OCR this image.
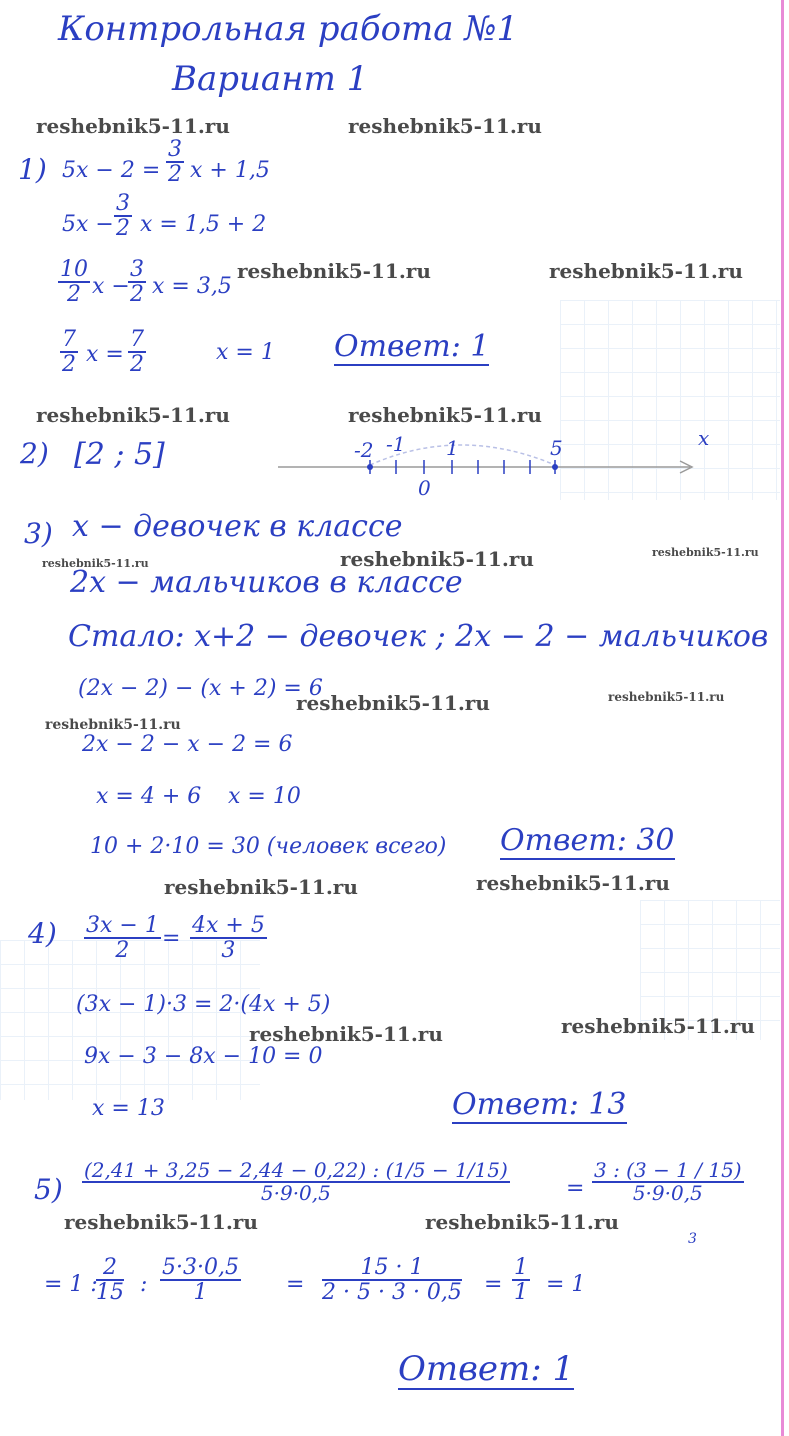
Контрольная работа №1
Вариант 1
reshebnik5-11.ru	reshebnik5-11.ru
reshebnik5-11.ru	reshebnik5-11.ru
reshebnik5-11.ru	reshebnik5-11.ru
reshebnik5-11.ru	reshebnik5-11.ru	reshebnik5-11.ru
reshebnik5-11.ru	reshebnik5-11.ru
reshebnik5-11.ru
reshebnik5-11.ru	reshebnik5-11.ru
reshebnik5-11.ru	reshebnik5-11.ru
reshebnik5-11.ru	reshebnik5-11.ru
1) $5x - 2 = \frac{3}{2}$ x + 1,5
$5x - \frac{3}{2}$ x = 1,5 + 2
$\frac{10}{2}$ x −
$\frac{3}{2}$ x = 3,5
$\frac{7}{2}$ $x = \frac{7}{2}$	x = 1 Ответ: 1
2) [2 ; 5]	-2 -1 1	5	x
0
3) x − девочек в классе
2x − мальчиков в классе
Стало: x+2 − девочек ; 2x − 2 − мальчиков
(2x − 2) − (x + 2) = 6
2x − 2 − x − 2 = 6
x = 4 + 6 x = 10
10 + 2·10 = 30 (человек всего) Ответ: 30
$4) \frac{3x - 1}{2} = \frac{4x + 5}{3}$
(3x − 1)·3 = 2·(4x + 5)
9x − 3 − 8x − 10 = 0
x = 13	Ответ: 13
$5) \frac{(2,41 + 3,25 - 2,44 - 0,22) : (1/5 - 1/15)}{5\cdot 9\cdot 0,5}$	= $\frac{3 : (3 - 1 / 15)}{5\cdot 9\cdot 0,5}$
3
= 1 :
$\frac{2}{15}$ : $\frac{5\cdot 3\cdot 0,5}{1} = \frac{15 \cdot 1}{2 \cdot 5 \cdot 3 \cdot 0,5} = \frac{1}{1} = 1$
Ответ: 1
